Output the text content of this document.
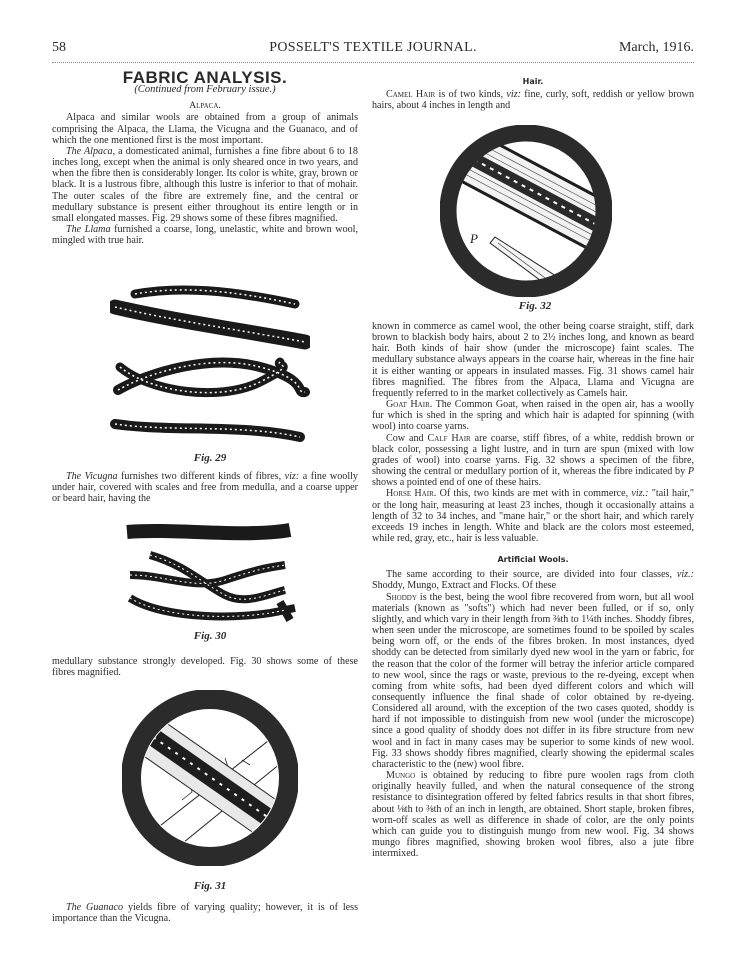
58	POSSELT'S TEXTILE JOURNAL.	March, 1916.
FABRIC ANALYSIS.
(Continued from February issue.)
Alpaca.

Alpaca and similar wools are obtained from a group of animals comprising the Alpaca, the Llama, the Vicugna and the Guanaco, and of which the one mentioned first is the most important.

The Alpaca, a domesticated animal, furnishes a fine fibre about 6 to 18 inches long, except when the animal is only sheared once in two years, and when the fibre then is considerably longer. Its color is white, gray, brown or black. It is a lustrous fibre, although this lustre is inferior to that of mohair. The outer scales of the fibre are extremely fine, and the central or medullary substance is present either throughout its entire length or in small elongated masses. Fig. 29 shows some of these fibres magnified.

The Llama furnished a coarse, long, unelastic, white and brown wool, mingled with true hair.

Fig. 29

The Vicugna furnishes two different kinds of fibres, viz: a fine woolly under hair, covered with scales and free from medulla, and a coarse upper or beard hair, having the

Fig. 30

medullary substance strongly developed. Fig. 30 shows some of these fibres magnified.

Fig. 31

The Guanaco yields fibre of varying quality; however, it is of less importance than the Vicugna.

Hair.

Camel Hair is of two kinds, viz: fine, curly, soft, reddish or yellow brown hairs, about 4 inches in length and

P
Fig. 32

known in commerce as camel wool, the other being coarse straight, stiff, dark brown to blackish body hairs, about 2 to 2½ inches long, and known as beard hair. Both kinds of hair show (under the microscope) faint scales. The medullary substance always appears in the coarse hair, whereas in the fine hair it is either wanting or appears in insulated masses. Fig. 31 shows camel hair fibres magnified. The fibres from the Alpaca, Llama and Vicugna are frequently referred to in the market collectively as Camels hair.

Goat Hair. The Common Goat, when raised in the open air, has a woolly fur which is shed in the spring and which hair is adapted for spinning (with wool) into coarse yarns.

Cow and Calf Hair are coarse, stiff fibres, of a white, reddish brown or black color, possessing a light lustre, and in turn are spun (mixed with low grades of wool) into coarse yarns. Fig. 32 shows a specimen of the fibre, showing the central or medullary portion of it, whereas the fibre indicated by P shows a pointed end of one of these hairs.

Horse Hair. Of this, two kinds are met with in commerce, viz.: "tail hair," or the long hair, measuring at least 23 inches, though it occasionally attains a length of 32 to 34 inches, and "mane hair," or the short hair, and which rarely exceeds 19 inches in length. White and black are the colors most esteemed, while red, gray, etc., hair is less valuable.

Artificial Wools.

The same according to their source, are divided into four classes, viz.: Shoddy, Mungo, Extract and Flocks. Of these

Shoddy is the best, being the wool fibre recovered from worn, but all wool materials (known as "softs") which had never been fulled, or if so, only slightly, and which vary in their length from ⅜th to 1¼th inches. Shoddy fibres, when seen under the microscope, are sometimes found to be spoiled by scales being worn off, or the ends of the fibres broken. In most instances, dyed shoddy can be detected from similarly dyed new wool in the yarn or fabric, for the reason that the color of the former will betray the inferior article compared to new wool, since the rags or waste, previous to the re-dyeing, except when coming from white softs, had been dyed different colors and which will consequently influence the final shade of color obtained by re-dyeing. Considered all around, with the exception of the two cases quoted, shoddy is hard if not impossible to distinguish from new wool (under the microscope) since a good quality of shoddy does not differ in its fibre structure from new wool and in fact in many cases may be superior to some kinds of new wool. Fig. 33 shows shoddy fibres magnified, clearly showing the epidermal scales characteristic to the (new) wool fibre.

Mungo is obtained by reducing to fibre pure woolen rags from cloth originally heavily fulled, and when the natural consequence of the strong resistance to disintegration offered by felted fabrics results in that short fibres, about ⅛th to ⅜th of an inch in length, are obtained. Short staple, broken fibres, worn-off scales as well as difference in shade of color, are the only points which can guide you to distinguish mungo from new wool. Fig. 34 shows mungo fibres magnified, showing broken wool fibres, also a jute fibre intermixed.
